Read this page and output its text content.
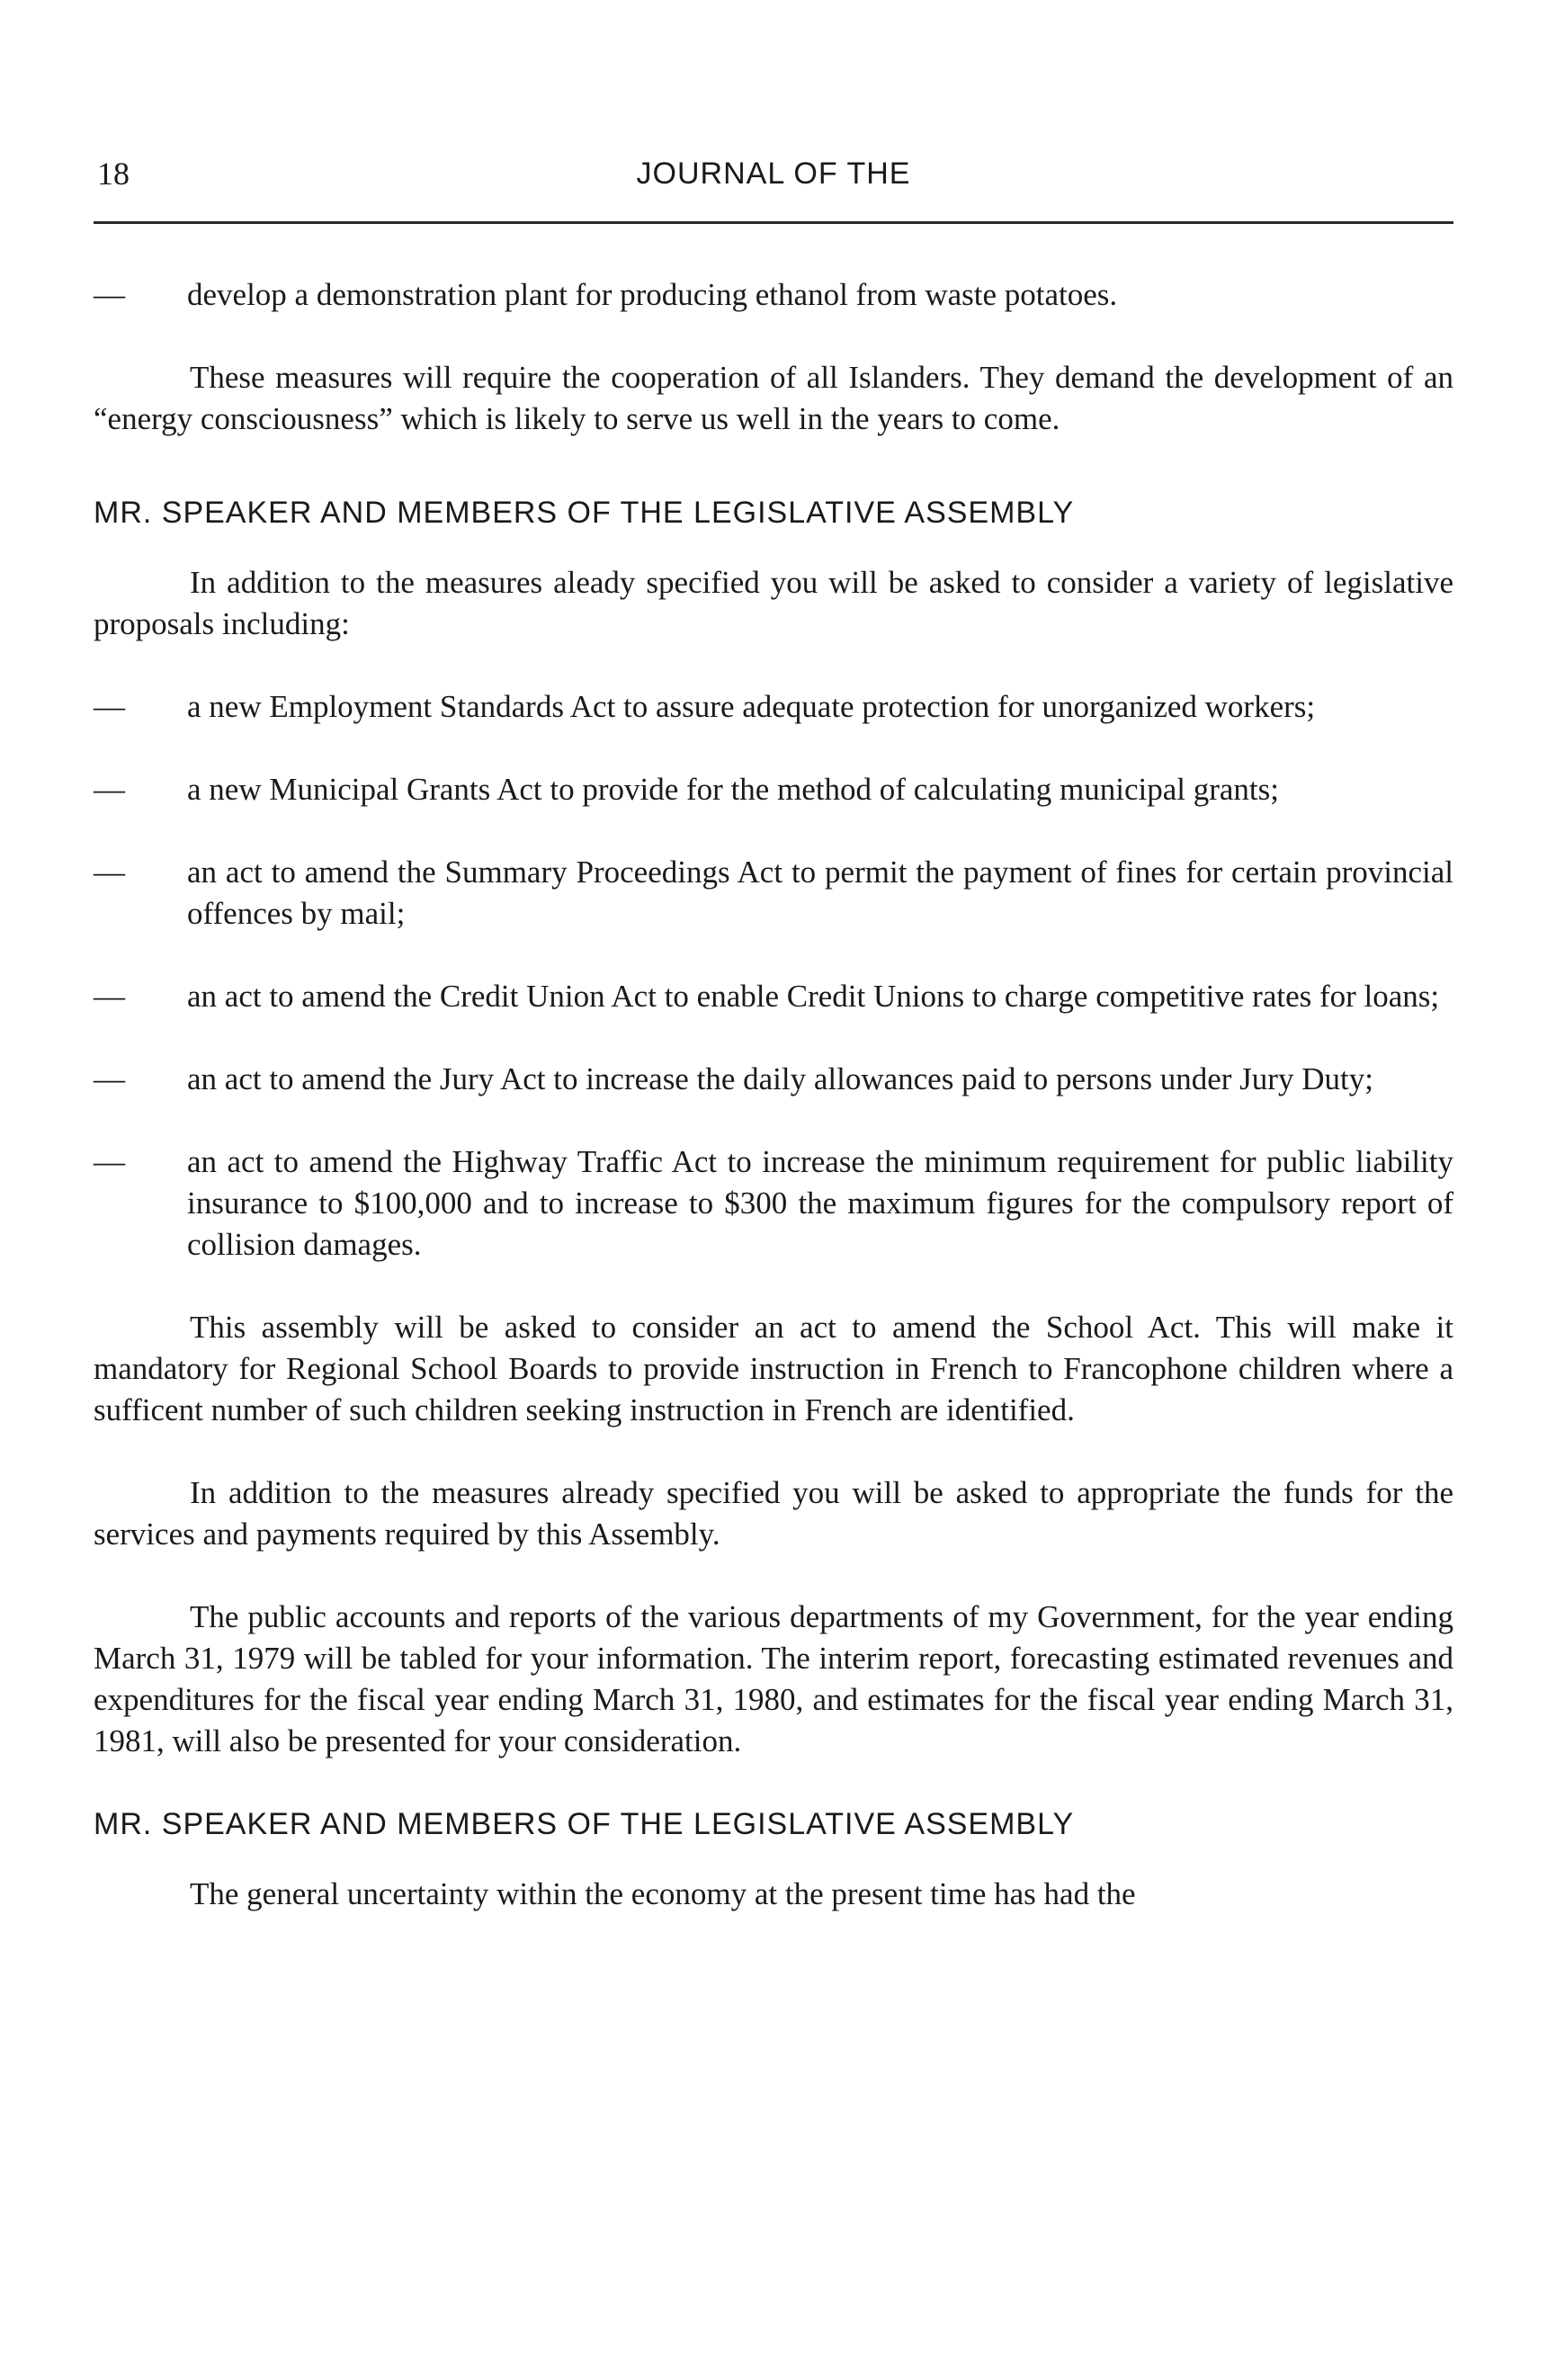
18	JOURNAL OF THE
— develop a demonstration plant for producing ethanol from waste potatoes.

These measures will require the cooperation of all Islanders. They demand the development of an “energy consciousness” which is likely to serve us well in the years to come.

MR. SPEAKER AND MEMBERS OF THE LEGISLATIVE ASSEMBLY

In addition to the measures aleady specified you will be asked to consider a variety of legislative proposals including:

— a new Employment Standards Act to assure adequate protection for unorganized workers;
— a new Municipal Grants Act to provide for the method of calculating municipal grants;
— an act to amend the Summary Proceedings Act to permit the payment of fines for certain provincial offences by mail;
— an act to amend the Credit Union Act to enable Credit Unions to charge competitive rates for loans;
— an act to amend the Jury Act to increase the daily allowances paid to persons under Jury Duty;
— an act to amend the Highway Traffic Act to increase the minimum requirement for public liability insurance to $100,000 and to increase to $300 the maximum figures for the compulsory report of collision damages.

This assembly will be asked to consider an act to amend the School Act. This will make it mandatory for Regional School Boards to provide instruction in French to Francophone children where a sufficent number of such children seeking instruction in French are identified.

In addition to the measures already specified you will be asked to appropriate the funds for the services and payments required by this Assembly.

The public accounts and reports of the various departments of my Government, for the year ending March 31, 1979 will be tabled for your information. The interim report, forecasting estimated revenues and expenditures for the fiscal year ending March 31, 1980, and estimates for the fiscal year ending March 31, 1981, will also be presented for your consideration.

MR. SPEAKER AND MEMBERS OF THE LEGISLATIVE ASSEMBLY

The general uncertainty within the economy at the present time has had the
